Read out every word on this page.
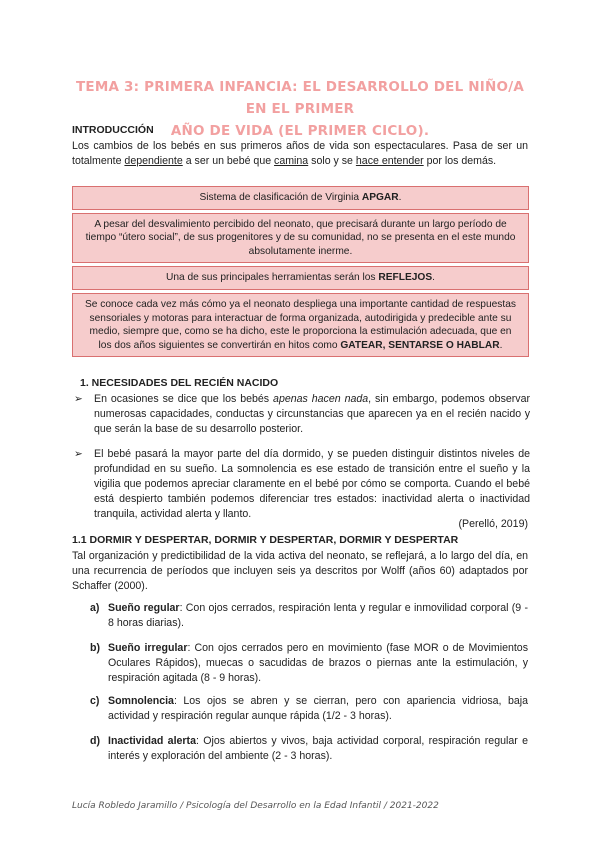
TEMA 3: PRIMERA INFANCIA: EL DESARROLLO DEL NIÑO/A EN EL PRIMER
AÑO DE VIDA (EL PRIMER CICLO).
INTRODUCCIÓN
Los cambios de los bebés en sus primeros años de vida son espectaculares. Pasa de ser un totalmente dependiente a ser un bebé que camina solo y se hace entender por los demás.
Sistema de clasificación de Virginia APGAR.
A pesar del desvalimiento percibido del neonato, que precisará durante un largo período de tiempo “útero social”, de sus progenitores y de su comunidad, no se presenta en el este mundo absolutamente inerme.
Una de sus principales herramientas serán los REFLEJOS.
Se conoce cada vez más cómo ya el neonato despliega una importante cantidad de respuestas sensoriales y motoras para interactuar de forma organizada, autodirigida y predecible ante su medio, siempre que, como se ha dicho, este le proporciona la estimulación adecuada, que en los dos años siguientes se convertirán en hitos como GATEAR, SENTARSE O HABLAR.
1. NECESIDADES DEL RECIÉN NACIDO
➢	En ocasiones se dice que los bebés apenas hacen nada, sin embargo, podemos observar numerosas capacidades, conductas y circunstancias que aparecen ya en el recién nacido y que serán la base de su desarrollo posterior.
➢	El bebé pasará la mayor parte del día dormido, y se pueden distinguir distintos niveles de profundidad en su sueño. La somnolencia es ese estado de transición entre el sueño y la vigilia que podemos apreciar claramente en el bebé por cómo se comporta. Cuando el bebé está despierto también podemos diferenciar tres estados: inactividad alerta o inactividad tranquila, actividad alerta y llanto.
(Perelló, 2019)
1.1 DORMIR Y DESPERTAR, DORMIR Y DESPERTAR, DORMIR Y DESPERTAR
Tal organización y predictibilidad de la vida activa del neonato, se reflejará, a lo largo del día, en una recurrencia de períodos que incluyen seis ya descritos por Wolff (años 60) adaptados por Schaffer (2000).
a) Sueño regular: Con ojos cerrados, respiración lenta y regular e inmovilidad corporal (9 - 8 horas diarias).
b) Sueño irregular: Con ojos cerrados pero en movimiento (fase MOR o de Movimientos Oculares Rápidos), muecas o sacudidas de brazos o piernas ante la estimulación, y respiración agitada (8 - 9 horas).
c) Somnolencia: Los ojos se abren y se cierran, pero con apariencia vidriosa, baja actividad y respiración regular aunque rápida (1/2 - 3 horas).
d) Inactividad alerta: Ojos abiertos y vivos, baja actividad corporal, respiración regular e interés y exploración del ambiente (2 - 3 horas).
Lucía Robledo Jaramillo / Psicología del Desarrollo en la Edad Infantil / 2021-2022
